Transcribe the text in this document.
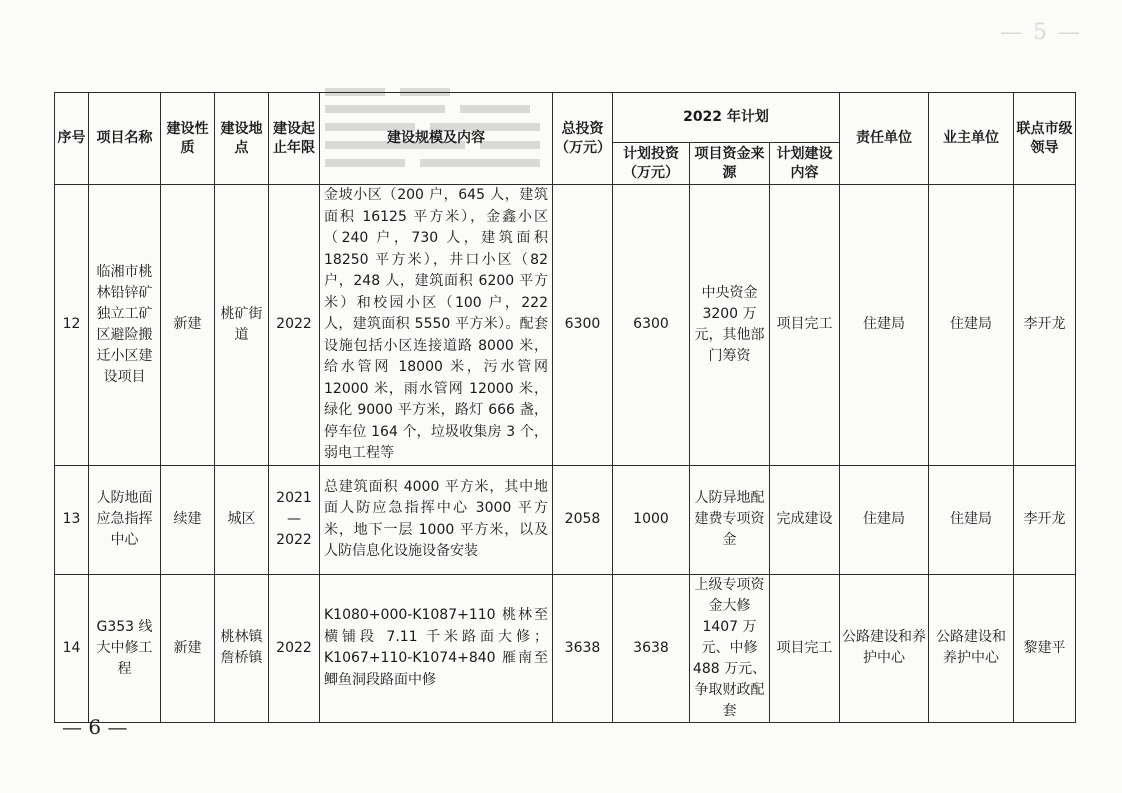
— 5 —
序号	项目名称	建设性质	建设地点	建设起止年限	建设规模及内容	总投资（万元）	2022 年计划			责任单位	业主单位	联点市级领导
							计划投资（万元）	项目资金来源	计划建设内容			
12	临湘市桃林铅锌矿独立工矿区避险搬迁小区建设项目	新建	桃矿街道	2022	金坡小区（200 户，645 人，建筑面积 16125 平方米），金鑫小区（240 户，730 人，建筑面积 18250 平方米），井口小区（82 户，248 人，建筑面积 6200 平方米）和校园小区（100 户，222 人，建筑面积 5550 平方米）。配套设施包括小区连接道路 8000 米，给水管网 18000 米，污水管网 12000 米，雨水管网 12000 米，绿化 9000 平方米，路灯 666 盏，停车位 164 个，垃圾收集房 3 个，弱电工程等	6300	6300	中央资金 3200 万元，其他部门筹资	项目完工	住建局	住建局	李开龙
13	人防地面应急指挥中心	续建	城区	2021—2022	总建筑面积 4000 平方米，其中地面人防应急指挥中心 3000 平方米，地下一层 1000 平方米，以及人防信息化设施设备安装	2058	1000	人防异地配建费专项资金	完成建设	住建局	住建局	李开龙
14	G353 线大中修工程	新建	桃林镇詹桥镇	2022	K1080+000-K1087+110 桃林至横铺段 7.11 千米路面大修；K1067+110-K1074+840 雁南至鲫鱼洞段路面中修	3638	3638	上级专项资金大修 1407 万元、中修 488 万元、争取财政配套	项目完工	公路建设和养护中心	公路建设和养护中心	黎建平
— 6 —
